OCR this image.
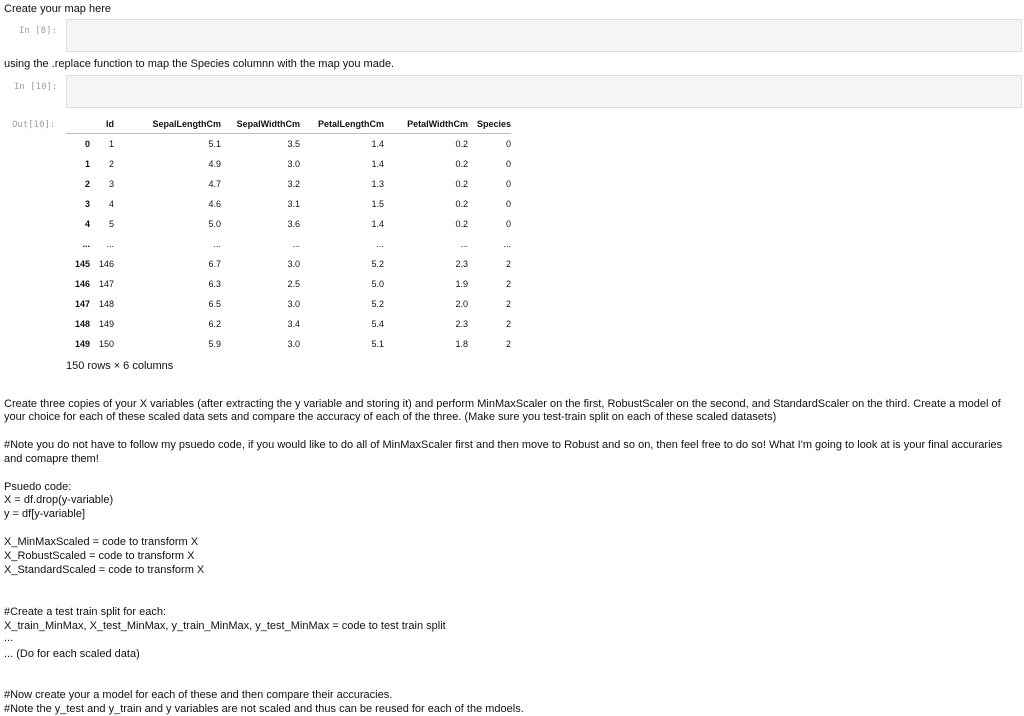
Create your map here
In [8]:
using the .replace function to map the Species columnn with the map you made.
In [10]:
Out[10]:
		Id	SepalLengthCm	SepalWidthCm	PetalLengthCm	PetalWidthCm	Species
0	1	5.1	3.5	1.4	0.2	0
1	2	4.9	3.0	1.4	0.2	0
2	3	4.7	3.2	1.3	0.2	0
3	4	4.6	3.1	1.5	0.2	0
4	5	5.0	3.6	1.4	0.2	0
...	...	...	...	...	...	...
145	146	6.7	3.0	5.2	2.3	2
146	147	6.3	2.5	5.0	1.9	2
147	148	6.5	3.0	5.2	2.0	2
148	149	6.2	3.4	5.4	2.3	2
149	150	5.9	3.0	5.1	1.8	2
150 rows × 6 columns
Create three copies of your X variables (after extracting the y variable and storing it) and perform MinMaxScaler on the first, RobustScaler on the second, and StandardScaler on the third. Create a model of
your choice for each of these scaled data sets and compare the accuracy of each of the three. (Make sure you test-train split on each of these scaled datasets)
#Note you do not have to follow my psuedo code, if you would like to do all of MinMaxScaler first and then move to Robust and so on, then feel free to do so! What I'm going to look at is your final accuraries
and comapre them!
Psuedo code:
X = df.drop(y-variable)
y = df[y-variable]
X_MinMaxScaled = code to transform X
X_RobustScaled = code to transform X
X_StandardScaled = code to transform X
#Create a test train split for each:
X_train_MinMax, X_test_MinMax, y_train_MinMax, y_test_MinMax = code to test train split
...
... (Do for each scaled data)
#Now create your a model for each of these and then compare their accuracies.
#Note the y_test and y_train and y variables are not scaled and thus can be reused for each of the mdoels.
